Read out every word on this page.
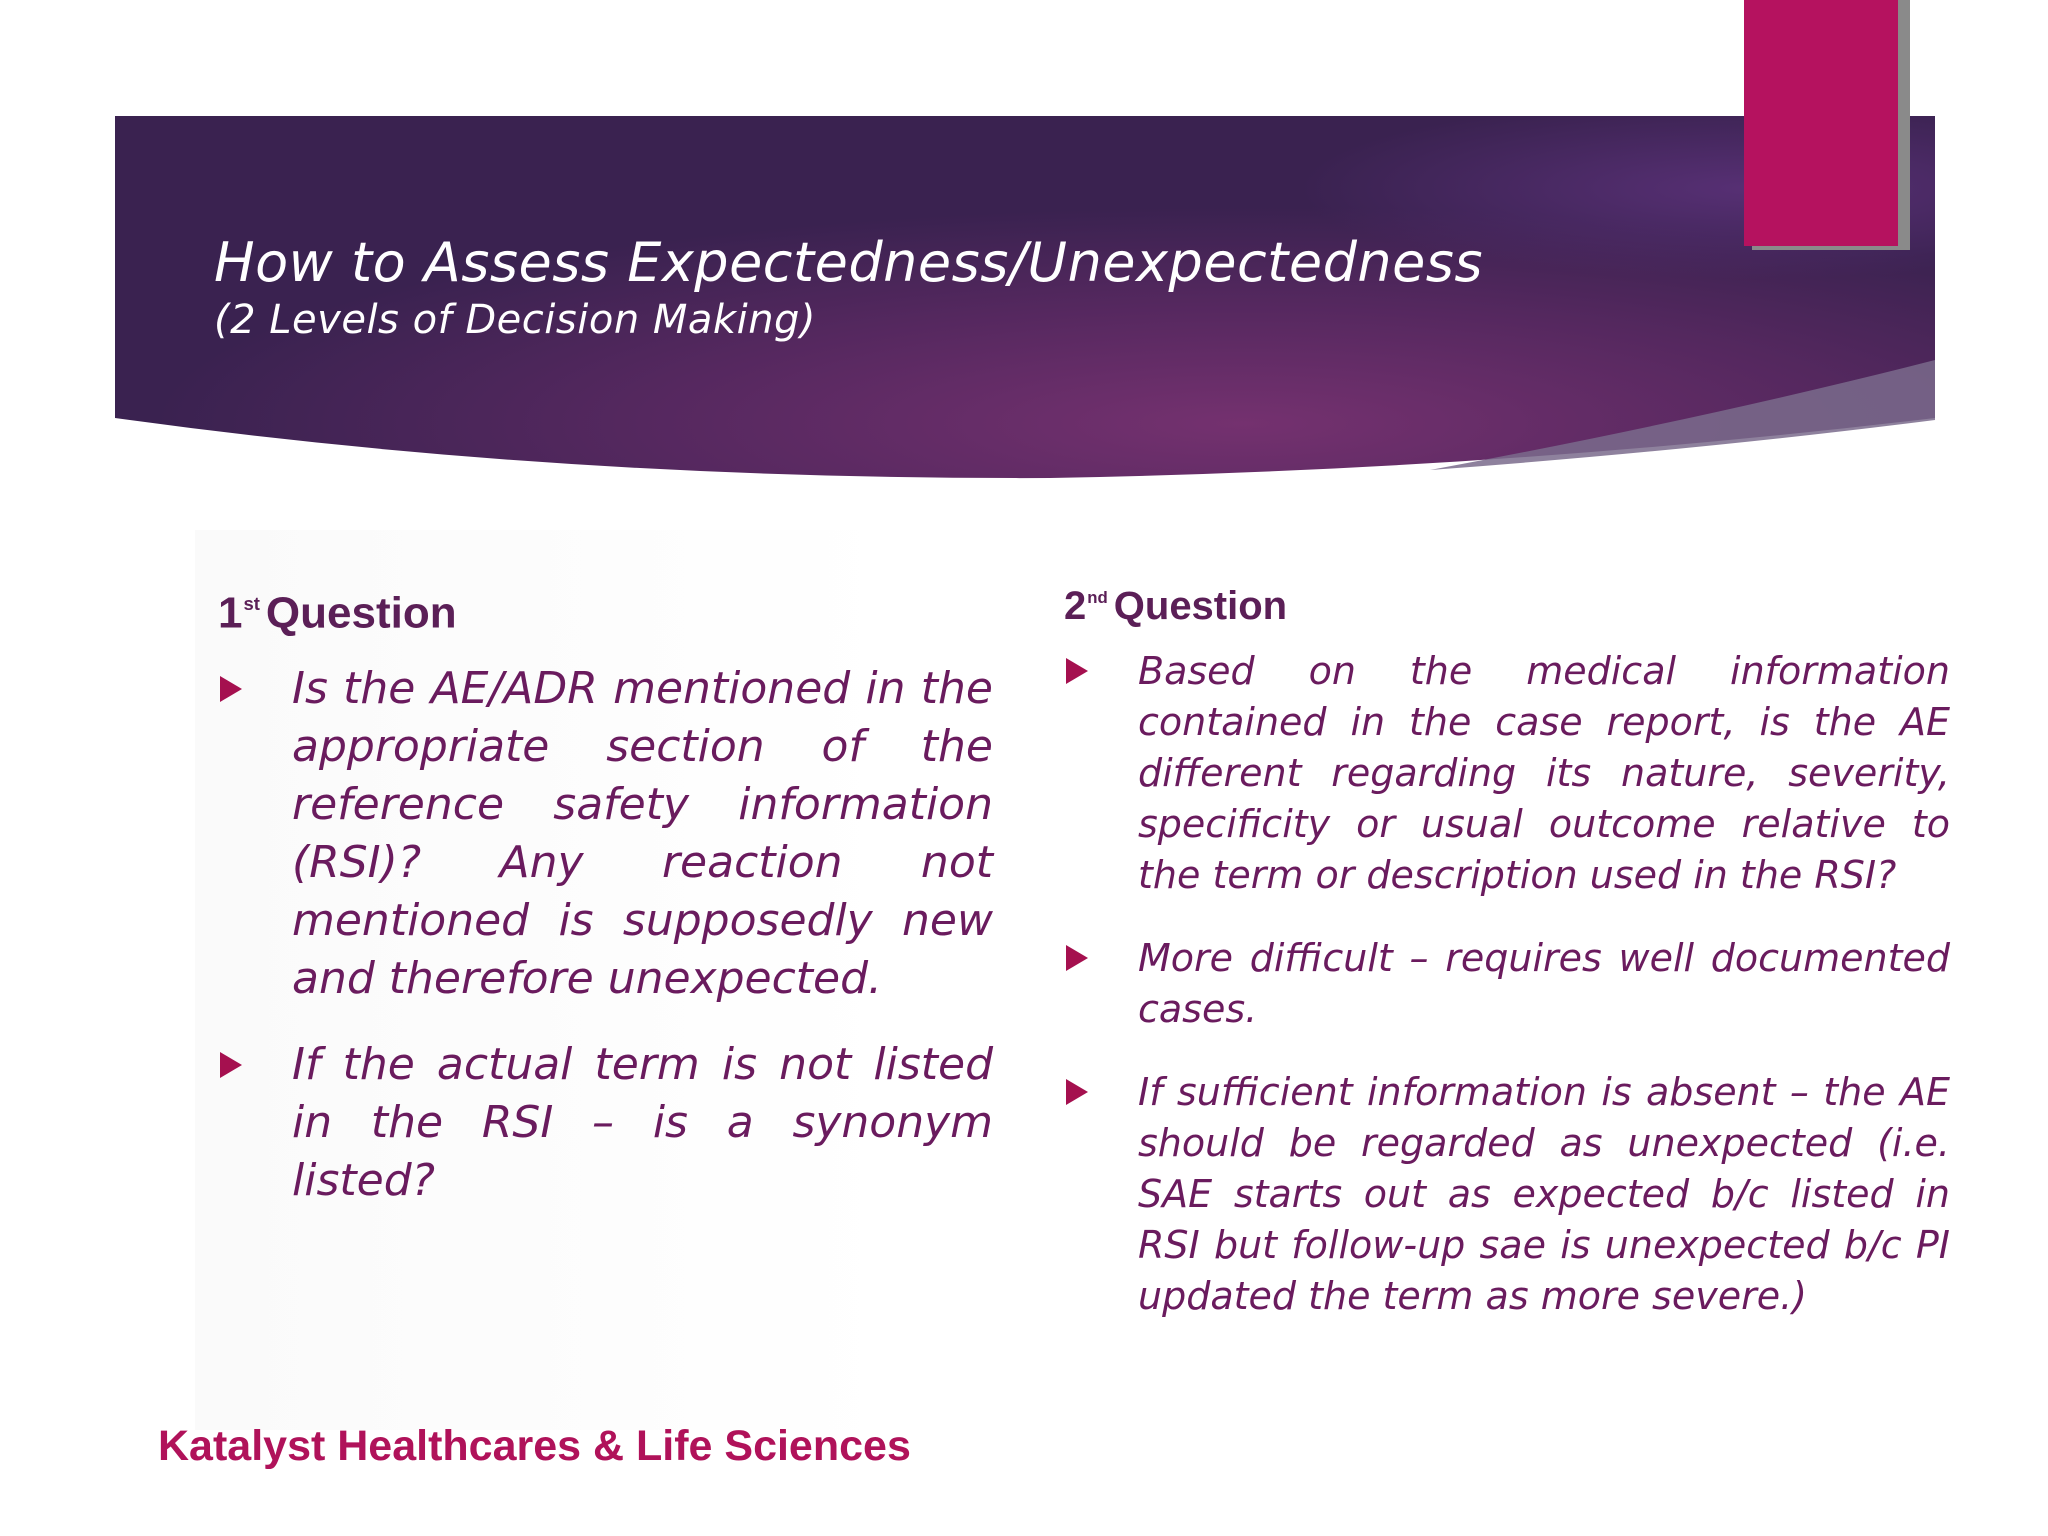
How to Assess Expectedness/Unexpectedness
(2 Levels of Decision Making)
1st Question
Is the AE/ADR mentioned in the appropriate section of the reference safety information (RSI)? Any reaction not mentioned is supposedly new and therefore unexpected.
If the actual term is not listed in the RSI – is a synonym listed?
2nd Question
Based on the medical information contained in the case report, is the AE different regarding its nature, severity, specificity or usual outcome relative to the term or description used in the RSI?
More difficult – requires well documented cases.
If sufficient information is absent – the AE should be regarded as unexpected (i.e. SAE starts out as expected b/c listed in RSI but follow-up sae is unexpected b/c PI updated the term as more severe.)
Katalyst Healthcares & Life Sciences
